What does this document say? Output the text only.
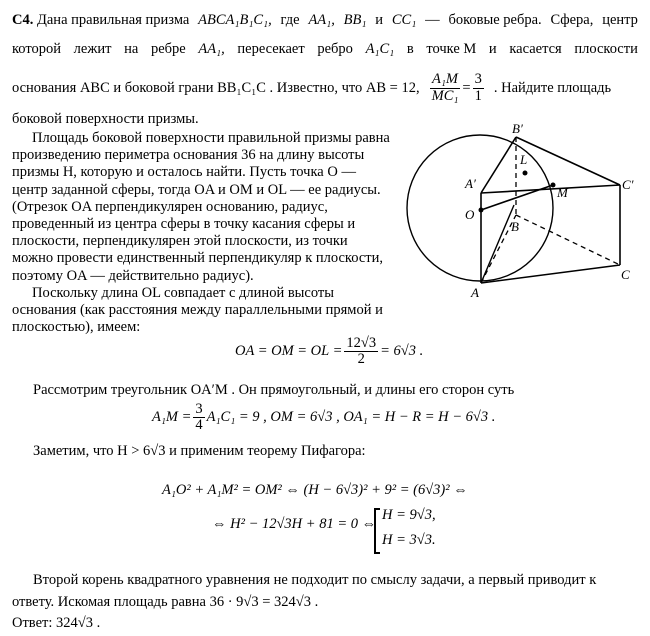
C4. Дана правильная призма ABCA₁B₁C₁, где AA₁, BB₁ и CC₁ — боковые ребра. Сфера, центр
которой лежит на ребре AA₁, пересекает ребро A₁C₁ в точке M и касается плоскости
основания ABC и боковой грани BB₁C₁C . Известно, что AB = 12, $\frac{\text{A₁M}}{\text{MC₁}} = \frac{3}{1}$ . Найдите площадь
боковой поверхности призмы.
Площадь боковой поверхности правильной призмы равна
произведению периметра основания 36 на длину высоты
призмы H, которую и осталось найти. Пусть точка O —
центр заданной сферы, тогда OA и OM и OL — ее радиусы.
(Отрезок OA перпендикулярен основанию, радиус,
проведенный из центра сферы в точку касания сферы и
плоскости, перпендикулярен этой плоскости, из точки
можно провести единственный перпендикуляр к плоскости,
поэтому OA — действительно радиус).
Поскольку длина OL совпадает с длиной высоты
основания (как расстояния между параллельными прямой и
плоскостью), имеем:
B′
L
A′
M
C′
O
B
A
C
OA = OM = OL = $\frac{12√3}{2} = 6√3$ .
Рассмотрим треугольник OA′M . Он прямоугольный, и длины его сторон суть
$A_1M = \frac{3}{4} A_1C_1 = 9$ , OM = 6√3 , OA₁ = H − R = H − 6√3 .
Заметим, что H > 6√3 и применим теорему Пифагора:
A₁O² + A₁M² = OM² ⇔ (H − 6√3)² + 9² = (6√3)² ⇔
⇔ H² − 12√3H + 81 = 0 ⇔
H = 9√3,
H = 3√3.
Второй корень квадратного уравнения не подходит по смыслу задачи, а первый приводит к
ответу. Искомая площадь равна 36 · 9√3 = 324√3 .
Ответ: 324√3 .
